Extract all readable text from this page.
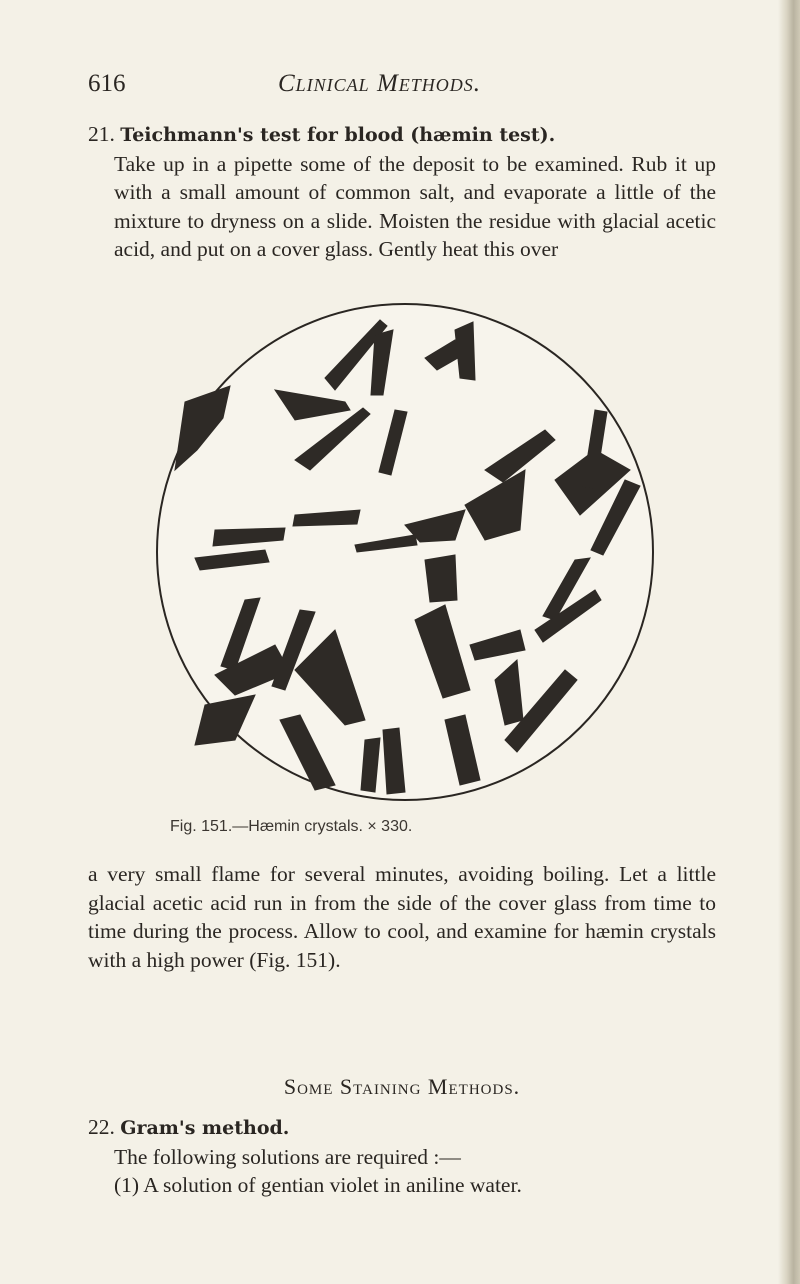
616	Clinical Methods.

21. Teichmann's test for blood (hæmin test).

Take up in a pipette some of the deposit to be examined. Rub it up with a small amount of common salt, and evaporate a little of the mixture to dryness on a slide. Moisten the residue with glacial acetic acid, and put on a cover glass. Gently heat this over

Fig. 151.—Hæmin crystals. × 330.

a very small flame for several minutes, avoiding boiling. Let a little glacial acetic acid run in from the side of the cover glass from time to time during the process. Allow to cool, and examine for hæmin crystals with a high power (Fig. 151).

Some Staining Methods.

22. Gram's method.

The following solutions are required :—

(1) A solution of gentian violet in aniline water.
